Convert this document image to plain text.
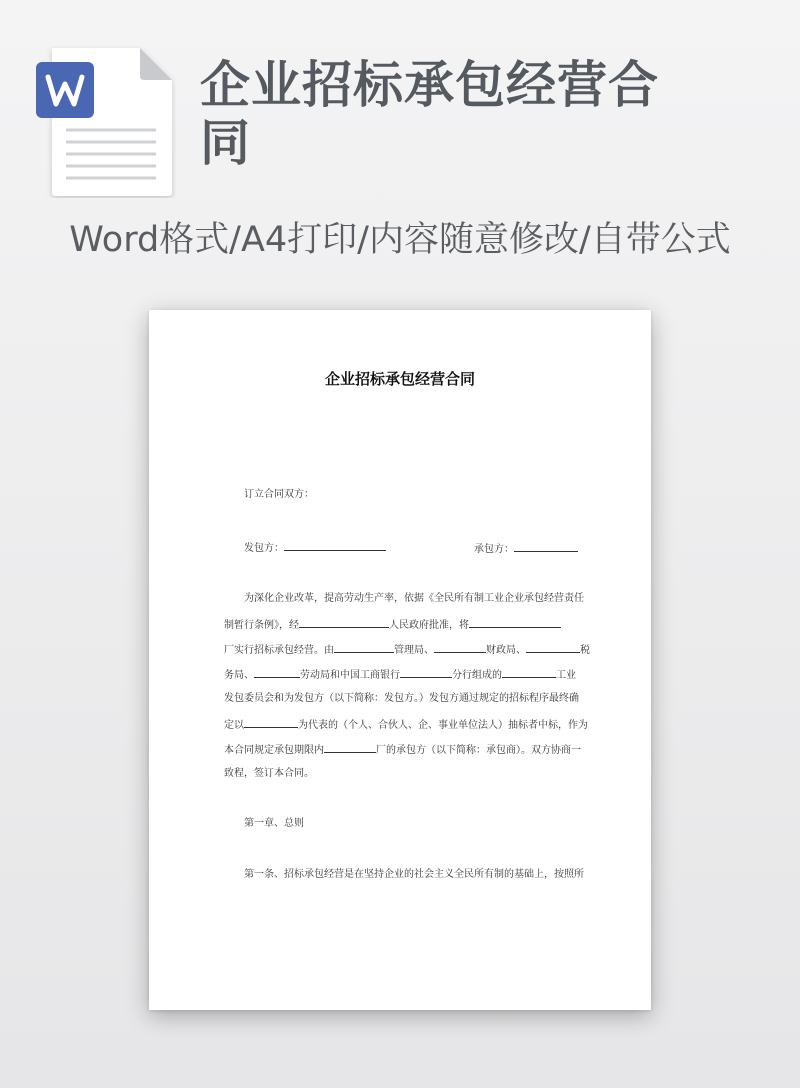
企业招标承包经营合同
Word格式/A4打印/内容随意修改/自带公式
企业招标承包经营合同
订立合同双方：
发包方：	承包方：
为深化企业改革，提高劳动生产率，依据《全民所有制工业企业承包经营责任
制暂行条例》，经	人民政府批准，将
厂实行招标承包经营。由	管理局、	财政局、	税
务局、	劳动局和中国工商银行	分行组成的	工业
发包委员会和为发包方（以下简称：发包方。）发包方通过规定的招标程序最终确
定以	为代表的（个人、合伙人、企、事业单位法人）抽标者中标，作为
本合同规定承包期限内	厂的承包方（以下简称：承包商）。双方协商一
致程，签订本合同。
第一章、总则
第一条、招标承包经营是在坚持企业的社会主义全民所有制的基础上，按照所
